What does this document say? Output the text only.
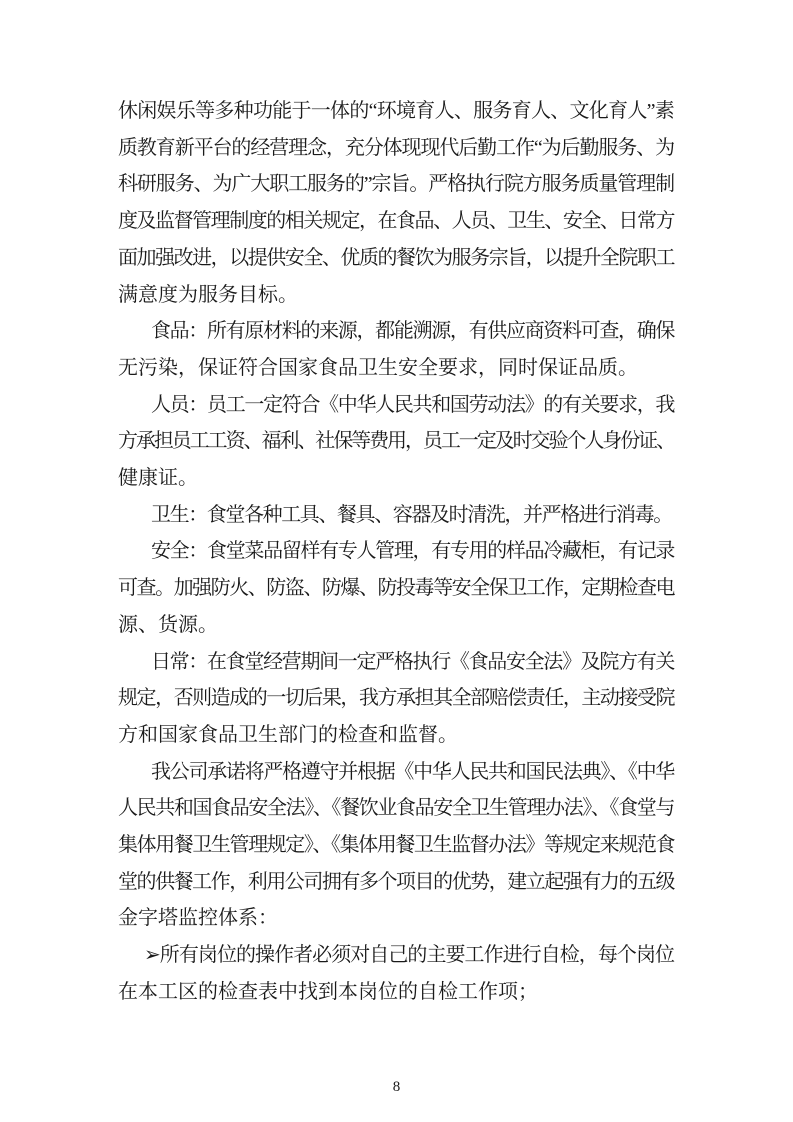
休闲娱乐等多种功能于一体的“环境育人、服务育人、文化育人”素
质教育新平台的经营理念，充分体现现代后勤工作“为后勤服务、为
科研服务、为广大职工服务的”宗旨。严格执行院方服务质量管理制
度及监督管理制度的相关规定，在食品、人员、卫生、安全、日常方
面加强改进，以提供安全、优质的餐饮为服务宗旨，以提升全院职工
满意度为服务目标。
食品：所有原材料的来源，都能溯源，有供应商资料可查，确保
无污染，保证符合国家食品卫生安全要求，同时保证品质。
人员：员工一定符合《中华人民共和国劳动法》的有关要求，我
方承担员工工资、福利、社保等费用，员工一定及时交验个人身份证、
健康证。
卫生：食堂各种工具、餐具、容器及时清洗，并严格进行消毒。
安全：食堂菜品留样有专人管理，有专用的样品冷藏柜，有记录
可查。加强防火、防盗、防爆、防投毒等安全保卫工作，定期检查电
源、货源。
日常：在食堂经营期间一定严格执行《食品安全法》及院方有关
规定，否则造成的一切后果，我方承担其全部赔偿责任，主动接受院
方和国家食品卫生部门的检查和监督。
我公司承诺将严格遵守并根据《中华人民共和国民法典》、《中华
人民共和国食品安全法》、《餐饮业食品安全卫生管理办法》、《食堂与
集体用餐卫生管理规定》、《集体用餐卫生监督办法》等规定来规范食
堂的供餐工作，利用公司拥有多个项目的优势，建立起强有力的五级
金字塔监控体系：
➢所有岗位的操作者必须对自己的主要工作进行自检，每个岗位
在本工区的检查表中找到本岗位的自检工作项；
8
